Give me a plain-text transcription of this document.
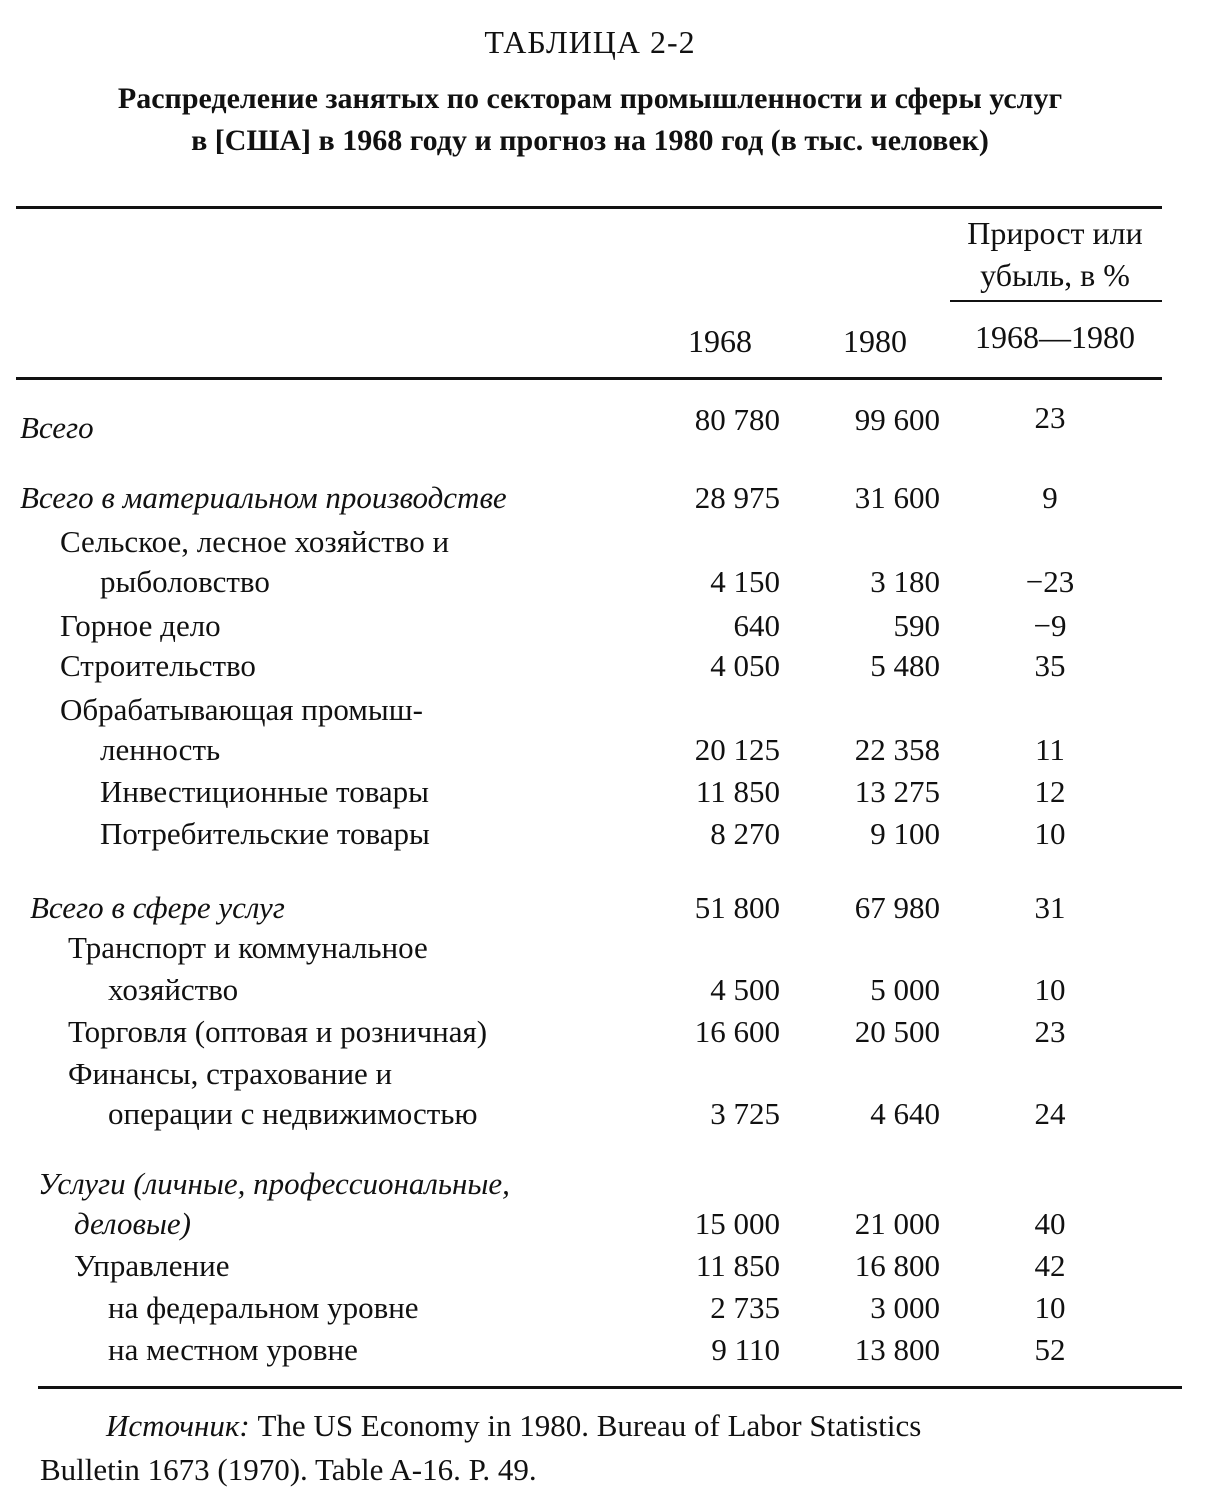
ТАБЛИЦА 2-2
Распределение занятых по секторам промышленности и сферы услуг
в [США] в 1968 году и прогноз на 1980 год (в тыс. человек)
Прирост или
убыль, в %
1968	1980	1968—1980
Всего	80 780	99 600	23
Всего в материальном производстве	28 975	31 600	9
Сельское, лесное хозяйство и
рыболовство	4 150	3 180	−23
Горное дело	640	590	−9
Строительство	4 050	5 480	35
Обрабатывающая промыш-
ленность	20 125	22 358	11
Инвестиционные товары	11 850	13 275	12
Потребительские товары	8 270	9 100	10
Всего в сфере услуг	51 800	67 980	31
Транспорт и коммунальное
хозяйство	4 500	5 000	10
Торговля (оптовая и розничная)	16 600	20 500	23
Финансы, страхование и
операции с недвижимостью	3 725	4 640	24
Услуги (личные, профессиональные,
деловые)	15 000	21 000	40
Управление	11 850	16 800	42
на федеральном уровне	2 735	3 000	10
на местном уровне	9 110	13 800	52
Источник: The US Economy in 1980. Bureau of Labor Statistics
Bulletin 1673 (1970). Table A-16. P. 49.
